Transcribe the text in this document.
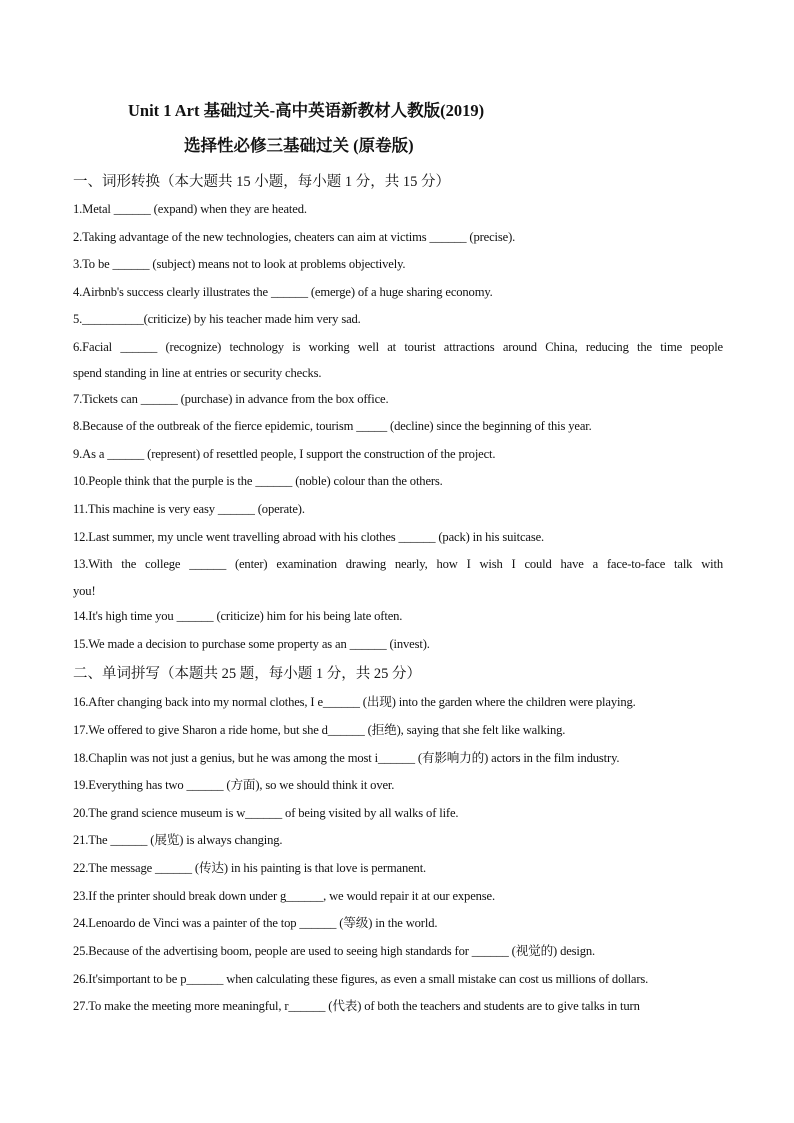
Unit 1 Art 基础过关-高中英语新教材人教版(2019)
选择性必修三基础过关 (原卷版)
一、词形转换（本大题共 15 小题，每小题 1 分，共 15 分）
1.Metal ______ (expand) when they are heated.
2.Taking advantage of the new technologies, cheaters can aim at victims ______ (precise).
3.To be ______ (subject) means not to look at problems objectively.
4.Airbnb's success clearly illustrates the ______ (emerge) of a huge sharing economy.
5.__________(criticize) by his teacher made him very sad.
6.Facial ______ (recognize) technology is working well at tourist attractions around China, reducing the time people
spend standing in line at entries or security checks.
7.Tickets can ______ (purchase) in advance from the box office.
8.Because of the outbreak of the fierce epidemic, tourism _____ (decline) since the beginning of this year.
9.As a ______ (represent) of resettled people, I support the construction of the project.
10.People think that the purple is the ______ (noble) colour than the others.
11.This machine is very easy ______ (operate).
12.Last summer, my uncle went travelling abroad with his clothes ______ (pack) in his suitcase.
13.With the college ______ (enter) examination drawing nearly, how I wish I could have a face-to-face talk with
you!
14.It's high time you ______ (criticize) him for his being late often.
15.We made a decision to purchase some property as an ______ (invest).
二、单词拼写（本题共 25 题，每小题 1 分，共 25 分）
16.After changing back into my normal clothes, I e______ (出现) into the garden where the children were playing.
17.We offered to give Sharon a ride home, but she d______ (拒绝), saying that she felt like walking.
18.Chaplin was not just a genius, but he was among the most i______ (有影响力的) actors in the film industry.
19.Everything has two ______ (方面), so we should think it over.
20.The grand science museum is w______ of being visited by all walks of life.
21.The ______ (展览) is always changing.
22.The message ______ (传达) in his painting is that love is permanent.
23.If the printer should break down under g______, we would repair it at our expense.
24.Lenoardo de Vinci was a painter of the top ______ (等级) in the world.
25.Because of the advertising boom, people are used to seeing high standards for ______ (视觉的) design.
26.It'simportant to be p______ when calculating these figures, as even a small mistake can cost us millions of dollars.
27.To make the meeting more meaningful, r______ (代表) of both the teachers and students are to give talks in turn
